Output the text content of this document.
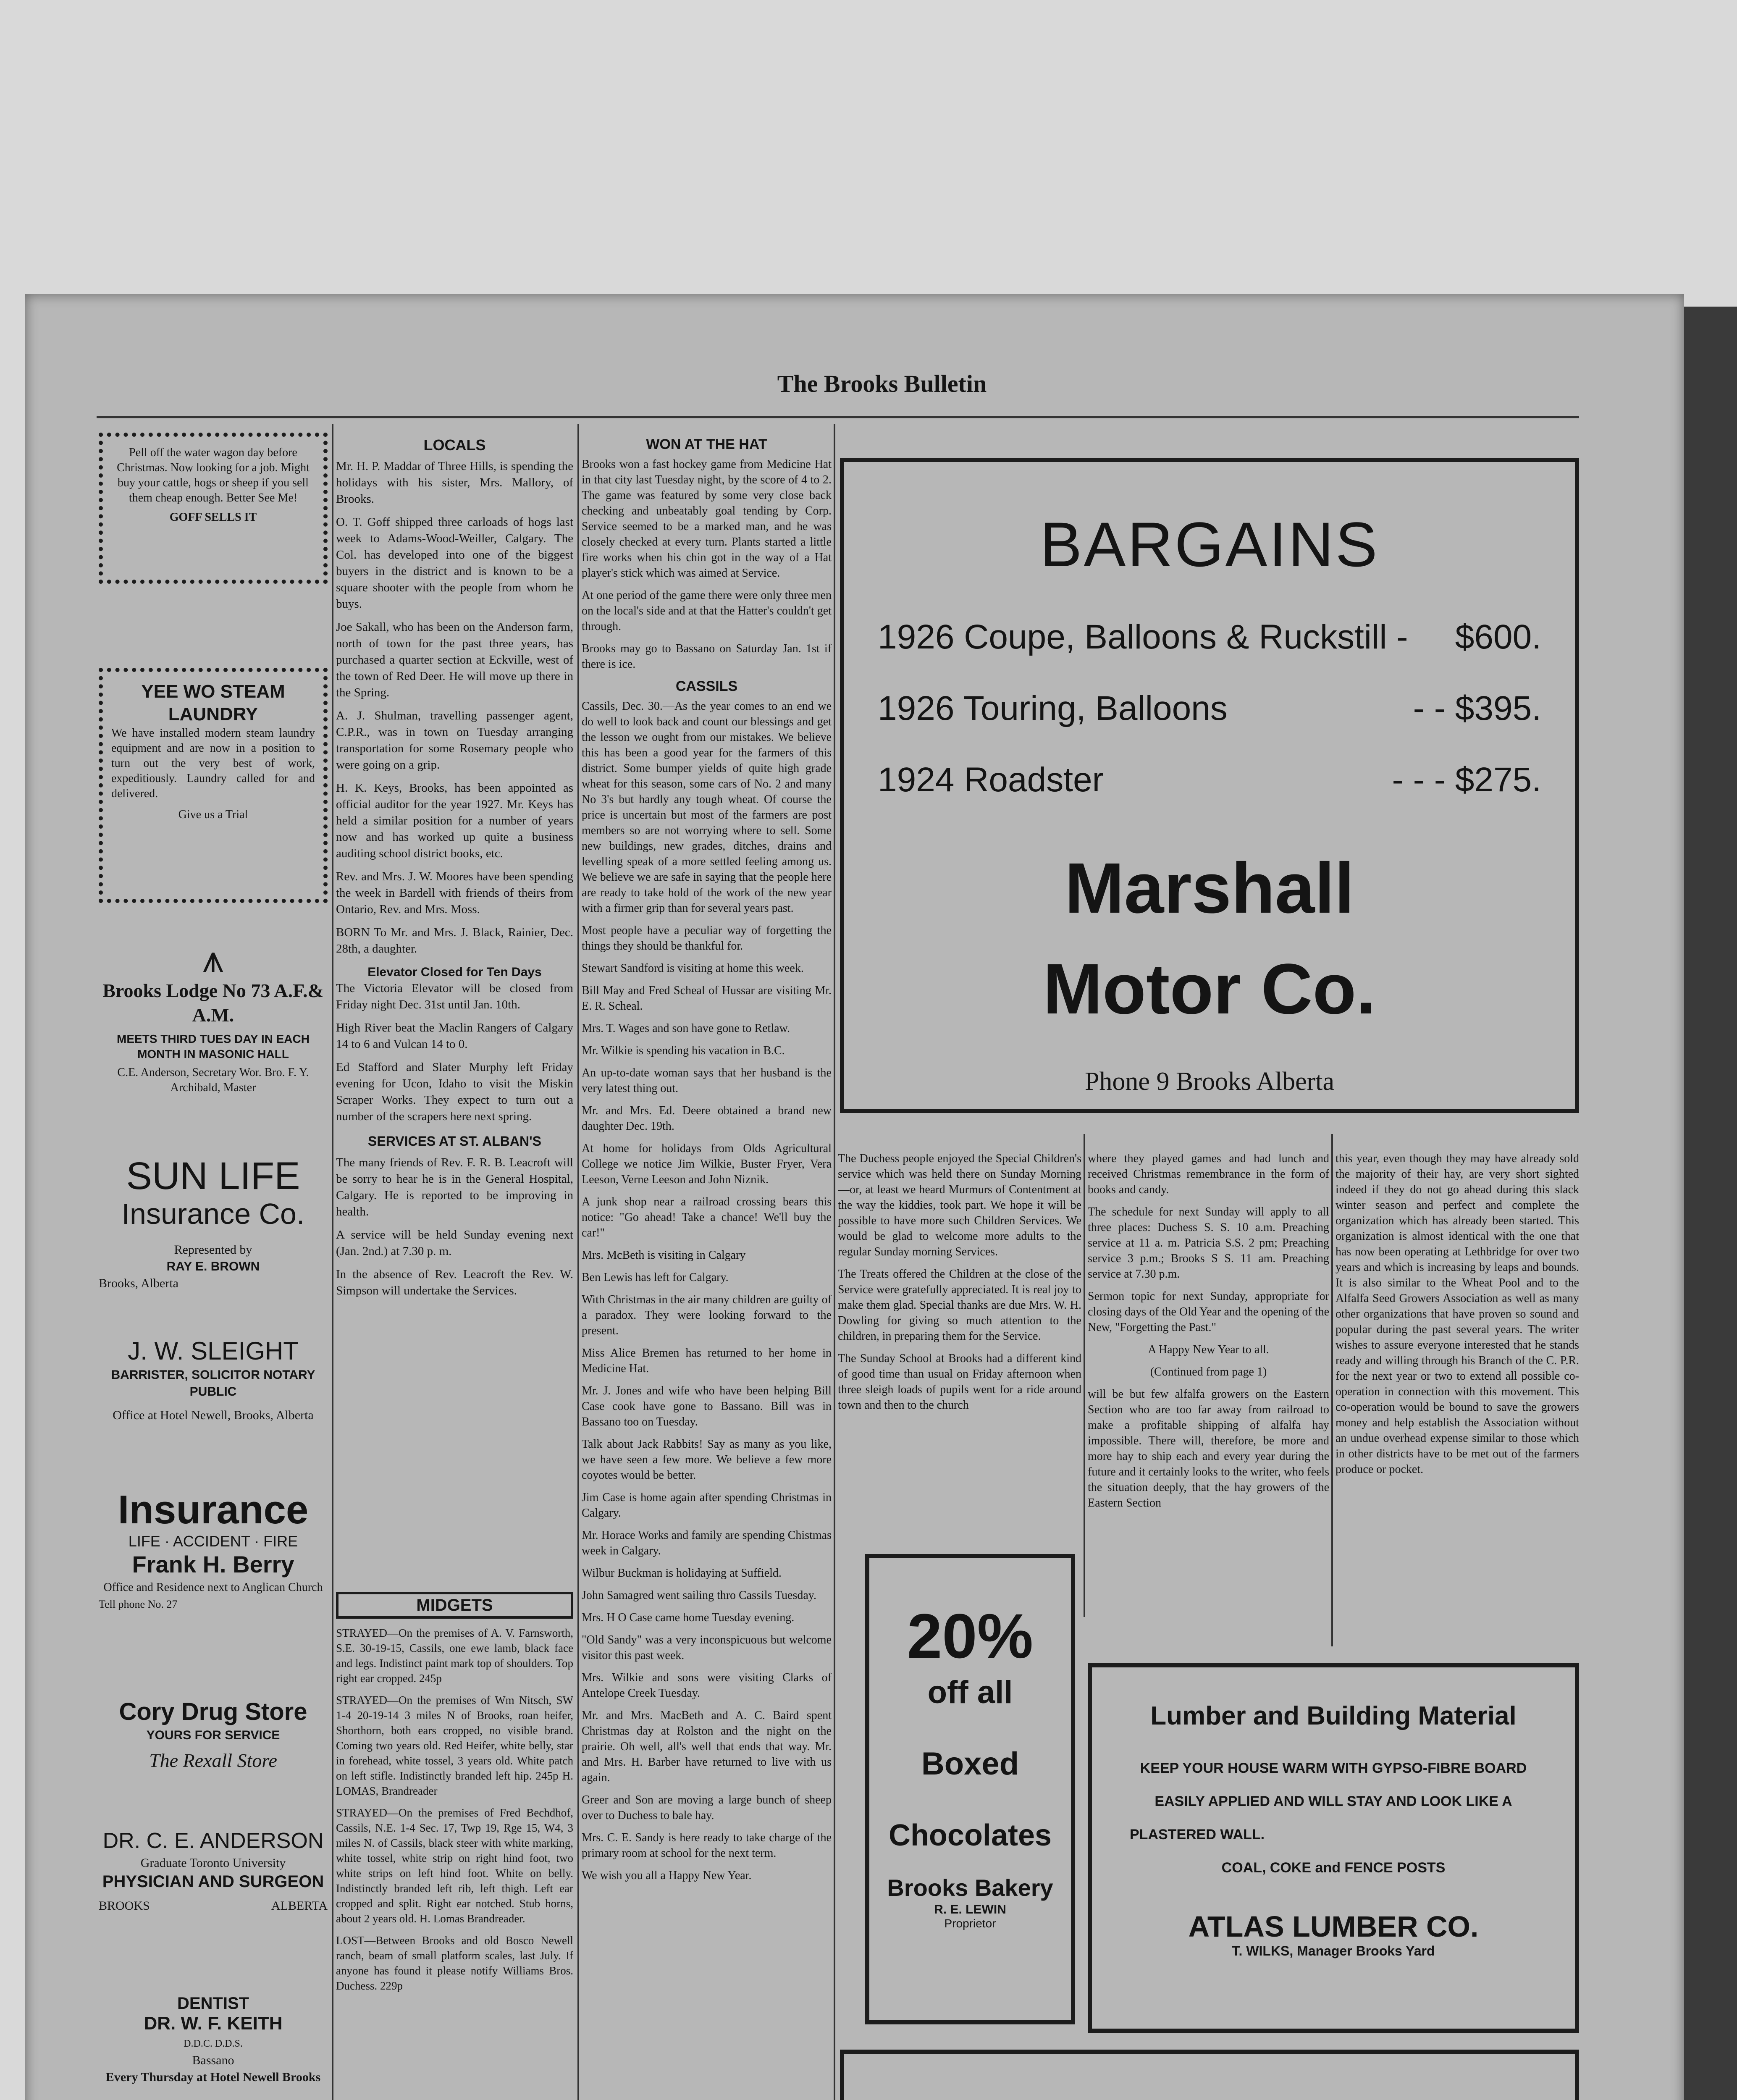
The Brooks Bulletin
Pell off the water wagon day before Christmas. Now looking for a job. Might buy your cattle, hogs or sheep if you sell them cheap enough. Better See Me!
GOFF SELLS IT
YEE WO STEAM LAUNDRY
We have installed modern steam laundry equipment and are now in a position to turn out the very best of work, expeditiously. Laundry called for and delivered.
Give us a Trial
⩚
Brooks Lodge No 73 A.F.& A.M.
MEETS THIRD TUES DAY IN EACH MONTH IN MASONIC HALL
C.E. Anderson, Secretary Wor. Bro. F. Y. Archibald, Master
SUN LIFE
Insurance Co.
Represented by
RAY E. BROWN
Brooks, Alberta
J. W. SLEIGHT
BARRISTER, SOLICITOR NOTARY PUBLIC
Office at Hotel Newell, Brooks, Alberta
Insurance
LIFE · ACCIDENT · FIRE
Frank H. Berry
Office and Residence next to Anglican Church
Tell phone No. 27
Cory Drug Store
YOURS FOR SERVICE
The Rexall Store
DR. C. E. ANDERSON
Graduate Toronto University
PHYSICIAN AND SURGEON
BROOKS	ALBERTA
DENTIST
DR. W. F. KEITH
D.D.C. D.D.S.
Bassano
Every Thursday at Hotel Newell Brooks
LOCALS

Mr. H. P. Maddar of Three Hills, is spending the holidays with his sister, Mrs. Mallory, of Brooks.

O. T. Goff shipped three carloads of hogs last week to Adams-Wood-Weiller, Calgary. The Col. has developed into one of the biggest buyers in the district and is known to be a square shooter with the people from whom he buys.

Joe Sakall, who has been on the Anderson farm, north of town for the past three years, has purchased a quarter section at Eckville, west of the town of Red Deer. He will move up there in the Spring.

A. J. Shulman, travelling passenger agent, C.P.R., was in town on Tuesday arranging transportation for some Rosemary people who were going on a grip.

H. K. Keys, Brooks, has been appointed as official auditor for the year 1927. Mr. Keys has held a similar position for a number of years now and has worked up quite a business auditing school district books, etc.

Rev. and Mrs. J. W. Moores have been spending the week in Bardell with friends of theirs from Ontario, Rev. and Mrs. Moss.

BORN To Mr. and Mrs. J. Black, Rainier, Dec. 28th, a daughter.

Elevator Closed for Ten Days

The Victoria Elevator will be closed from Friday night Dec. 31st until Jan. 10th.

High River beat the Maclin Rangers of Calgary 14 to 6 and Vulcan 14 to 0.

Ed Stafford and Slater Murphy left Friday evening for Ucon, Idaho to visit the Miskin Scraper Works. They expect to turn out a number of the scrapers here next spring.

SERVICES AT ST. ALBAN'S

The many friends of Rev. F. R. B. Leacroft will be sorry to hear he is in the General Hospital, Calgary. He is reported to be improving in health.

A service will be held Sunday evening next (Jan. 2nd.) at 7.30 p. m.

In the absence of Rev. Leacroft the Rev. W. Simpson will undertake the Services.

MIDGETS

STRAYED—On the premises of A. V. Farnsworth, S.E. 30-19-15, Cassils, one ewe lamb, black face and legs. Indistinct paint mark top of shoulders. Top right ear cropped. 245p

STRAYED—On the premises of Wm Nitsch, SW 1-4 20-19-14 3 miles N of Brooks, roan heifer, Shorthorn, both ears cropped, no visible brand. Coming two years old. Red Heifer, white belly, star in forehead, white tossel, 3 years old. White patch on left stifle. Indistinctly branded left hip. 245p H. LOMAS, Brandreader

STRAYED—On the premises of Fred Bechdhof, Cassils, N.E. 1-4 Sec. 17, Twp 19, Rge 15, W4, 3 miles N. of Cassils, black steer with white marking, white tossel, white strip on right hind foot, two white strips on left hind foot. White on belly. Indistinctly branded left rib, left thigh. Left ear cropped and split. Right ear notched. Stub horns, about 2 years old. H. Lomas Brandreader.

LOST—Between Brooks and old Bosco Newell ranch, beam of small platform scales, last July. If anyone has found it please notify Williams Bros. Duchess. 229p

WON AT THE HAT

Brooks won a fast hockey game from Medicine Hat in that city last Tuesday night, by the score of 4 to 2. The game was featured by some very close back checking and unbeatably goal tending by Corp. Service seemed to be a marked man, and he was closely checked at every turn. Plants started a little fire works when his chin got in the way of a Hat player's stick which was aimed at Service.

At one period of the game there were only three men on the local's side and at that the Hatter's couldn't get through.

Brooks may go to Bassano on Saturday Jan. 1st if there is ice.

CASSILS

Cassils, Dec. 30.—As the year comes to an end we do well to look back and count our blessings and get the lesson we ought from our mistakes. We believe this has been a good year for the farmers of this district. Some bumper yields of quite high grade wheat for this season, some cars of No. 2 and many No 3's but hardly any tough wheat. Of course the price is uncertain but most of the farmers are post members so are not worrying where to sell. Some new buildings, new grades, ditches, drains and levelling speak of a more settled feeling among us. We believe we are safe in saying that the people here are ready to take hold of the work of the new year with a firmer grip than for several years past.

Most people have a peculiar way of forgetting the things they should be thankful for.

Stewart Sandford is visiting at home this week.

Bill May and Fred Scheal of Hussar are visiting Mr. E. R. Scheal.

Mrs. T. Wages and son have gone to Retlaw.

Mr. Wilkie is spending his vacation in B.C.

An up-to-date woman says that her husband is the very latest thing out.

Mr. and Mrs. Ed. Deere obtained a brand new daughter Dec. 19th.

At home for holidays from Olds Agricultural College we notice Jim Wilkie, Buster Fryer, Vera Leeson, Verne Leeson and John Niznik.

A junk shop near a railroad crossing bears this notice: "Go ahead! Take a chance! We'll buy the car!"

Mrs. McBeth is visiting in Calgary

Ben Lewis has left for Calgary.

With Christmas in the air many children are guilty of a paradox. They were looking forward to the present.

Miss Alice Bremen has returned to her home in Medicine Hat.

Mr. J. Jones and wife who have been helping Bill Case cook have gone to Bassano. Bill was in Bassano too on Tuesday.

Talk about Jack Rabbits! Say as many as you like, we have seen a few more. We believe a few more coyotes would be better.

Jim Case is home again after spending Christmas in Calgary.

Mr. Horace Works and family are spending Chistmas week in Calgary.

Wilbur Buckman is holidaying at Suffield.

John Samagred went sailing thro Cassils Tuesday.

Mrs. H O Case came home Tuesday evening.

"Old Sandy" was a very inconspicuous but welcome visitor this past week.

Mrs. Wilkie and sons were visiting Clarks of Antelope Creek Tuesday.

Mr. and Mrs. MacBeth and A. C. Baird spent Christmas day at Rolston and the night on the prairie. Oh well, all's well that ends that way. Mr. and Mrs. H. Barber have returned to live with us again.

Greer and Son are moving a large bunch of sheep over to Duchess to bale hay.

Mrs. C. E. Sandy is here ready to take charge of the primary room at school for the next term.

We wish you all a Happy New Year.

BARGAINS
1926 Coupe, Balloons & Ruckstill - $600.
1926 Touring, Balloons	- - $395.
1924 Roadster	- - - $275.
Marshall
Motor Co.
Phone 9 Brooks Alberta

The Duchess people enjoyed the Special Children's service which was held there on Sunday Morning—or, at least we heard Murmurs of Contentment at the way the kiddies, took part. We hope it will be possible to have more such Children Services. We would be glad to welcome more adults to the regular Sunday morning Services.

The Treats offered the Children at the close of the Service were gratefully appreciated. It is real joy to make them glad. Special thanks are due Mrs. W. H. Dowling for giving so much attention to the children, in preparing them for the Service.

The Sunday School at Brooks had a different kind of good time than usual on Friday afternoon when three sleigh loads of pupils went for a ride around town and then to the church

where they played games and had lunch and received Christmas remembrance in the form of books and candy.

The schedule for next Sunday will apply to all three places: Duchess S. S. 10 a.m. Preaching service at 11 a. m. Patricia S.S. 2 pm; Preaching service 3 p.m.; Brooks S S. 11 am. Preaching service at 7.30 p.m.

Sermon topic for next Sunday, appropriate for closing days of the Old Year and the opening of the New, "Forgetting the Past."

A Happy New Year to all.

(Continued from page 1)

will be but few alfalfa growers on the Eastern Section who are too far away from railroad to make a profitable shipping of alfalfa hay impossible. There will, therefore, be more and more hay to ship each and every year during the future and it certainly looks to the writer, who feels the situation deeply, that the hay growers of the Eastern Section

this year, even though they may have already sold the majority of their hay, are very short sighted indeed if they do not go ahead during this slack winter season and perfect and complete the organization which has already been started. This organization is almost identical with the one that has now been operating at Lethbridge for over two years and which is increasing by leaps and bounds. It is also similar to the Wheat Pool and to the Alfalfa Seed Growers Association as well as many other organizations that have proven so sound and popular during the past several years. The writer wishes to assure everyone interested that he stands ready and willing through his Branch of the C. P.R. for the next year or two to extend all possible co-operation in connection with this movement. This co-operation would be bound to save the growers money and help establish the Association without an undue overhead expense similar to those which in other districts have to be met out of the farmers produce or pocket.

20%
off all
Boxed
Chocolates
Brooks Bakery
R. E. LEWIN
Proprietor
Lumber and Building Material
KEEP YOUR HOUSE WARM WITH GYPSO-FIBRE BOARD
EASILY APPLIED AND WILL STAY AND LOOK LIKE A
PLASTERED WALL.
COAL, COKE and FENCE POSTS
ATLAS LUMBER CO.
T. WILKS, Manager Brooks Yard
